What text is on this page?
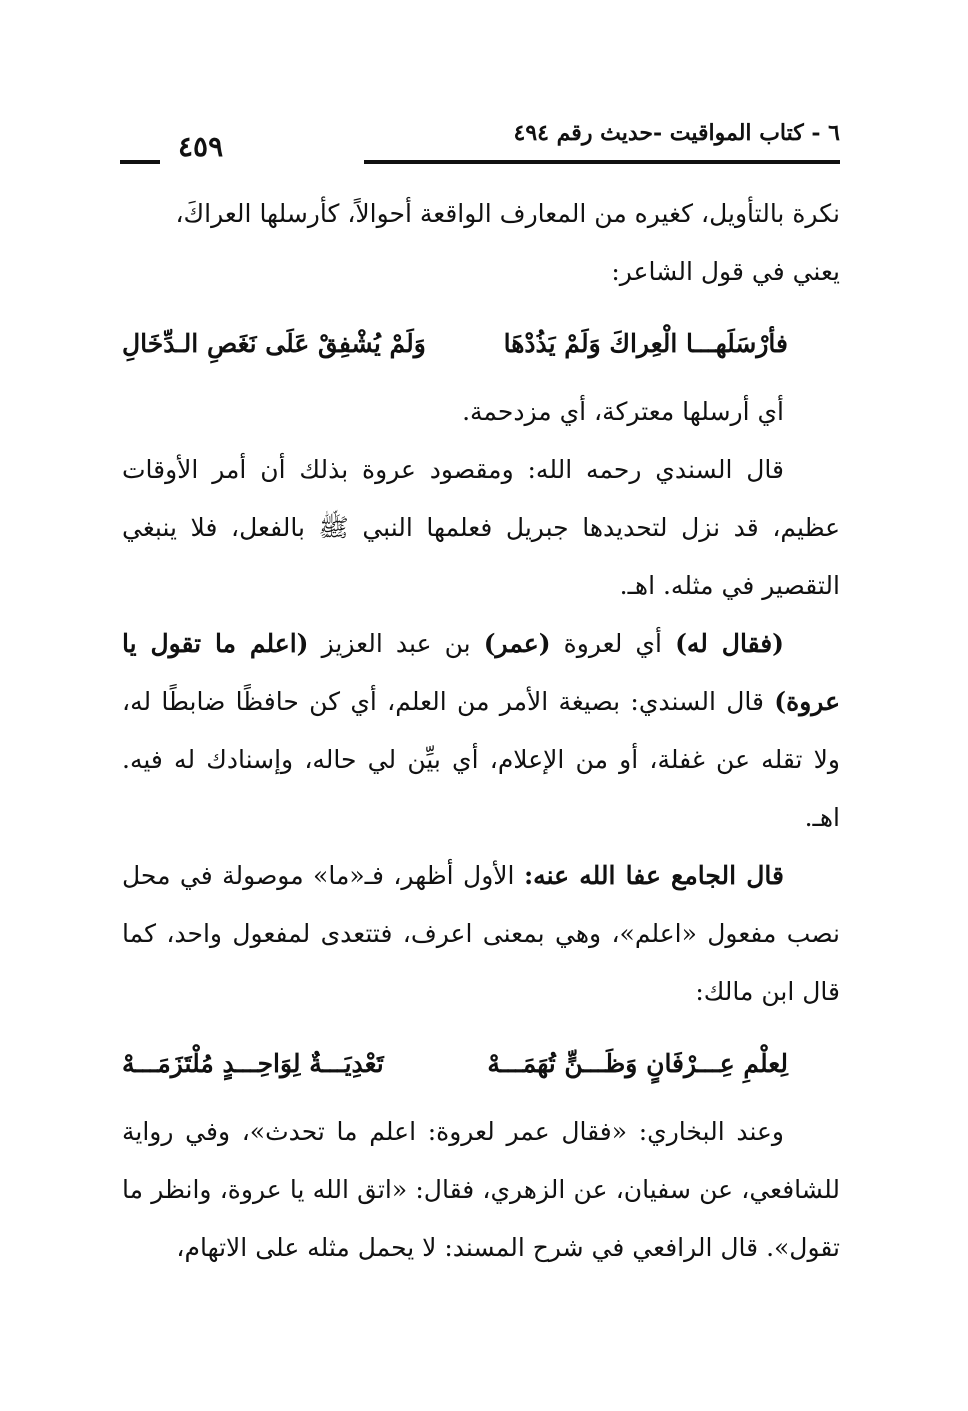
٦ - كتاب المواقيت -حديث رقم ٤٩٤
٤٥٩

نكرة بالتأويل، كغيره من المعارف الواقعة أحوالاً، كأرسلها العراكَ،
يعني في قول الشاعر:

فأرْسَلَهـــا الْعِراكَ وَلَمْ يَذُدْهَا
وَلَمْ يُشْفِقْ عَلَى نَغَصِ الـدِّخَالِ

أي أرسلها معتركة، أي مزدحمة.

قال السندي رحمه الله: ومقصود عروة بذلك أن أمر الأوقات عظيم، قد نزل لتحديدها جبريل فعلمها النبي ﷺ بالفعل، فلا ينبغي التقصير في مثله. اهـ.

(فقال له) أي لعروة (عمر) بن عبد العزيز (اعلم ما تقول يا عروة) قال السندي: بصيغة الأمر من العلم، أي كن حافظًا ضابطًا له، ولا تقله عن غفلة، أو من الإعلام، أي بيِّن لي حاله، وإسنادك له فيه. اهـ.

قال الجامع عفا الله عنه: الأول أظهر، فـ«ما» موصولة في محل نصب مفعول «اعلم»، وهي بمعنى اعرف، فتتعدى لمفعول واحد، كما قال ابن مالك:

لِعلْمِ عِـــرْفَانٍ وَظَـــنٍّ تُهَمَـــهْ
تَعْدِيَـــةٌ لِوَاحِـــدٍ مُلْتَزَمَـــهْ

وعند البخاري: «فقال عمر لعروة: اعلم ما تحدث»، وفي رواية للشافعي، عن سفيان، عن الزهري، فقال: «اتق الله يا عروة، وانظر ما تقول». قال الرافعي في شرح المسند: لا يحمل مثله على الاتهام،
